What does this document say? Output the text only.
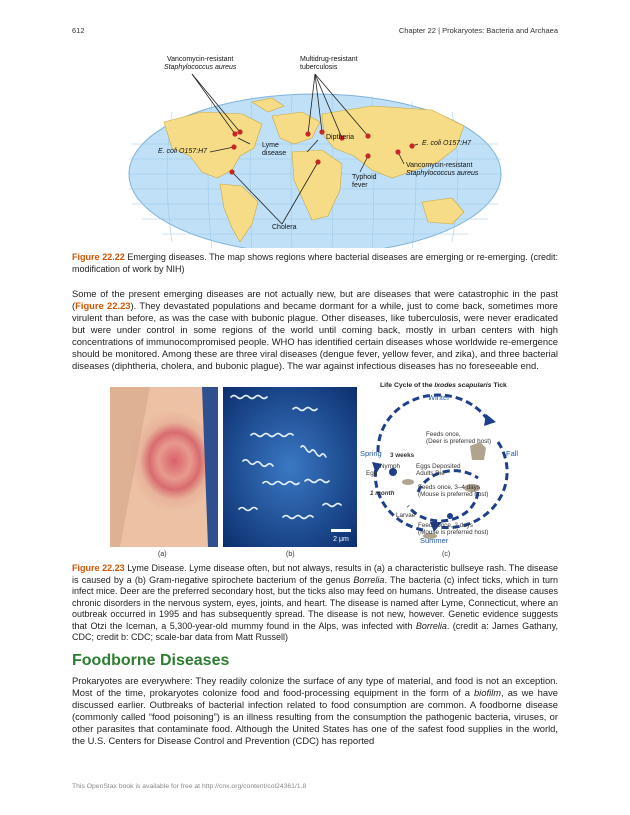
612	Chapter 22 | Prokaryotes: Bacteria and Archaea
Vancomycin-resistant
Staphylococcus aureus
Multidrug-resistant
tuberculosis
E. coli O157:H7
Lyme
disease
Diptheria
E. coli O157:H7
Vancomycin-resistant
Staphylococcus aureus
Typhoid
fever
Cholera
Figure 22.22 Emerging diseases. The map shows regions where bacterial diseases are emerging or re-emerging. (credit: modification of work by NIH)
Some of the present emerging diseases are not actually new, but are diseases that were catastrophic in the past (Figure 22.23). They devastated populations and became dormant for a while, just to come back, sometimes more virulent than before, as was the case with bubonic plague. Other diseases, like tuberculosis, were never eradicated but were under control in some regions of the world until coming back, mostly in urban centers with high concentrations of immunocompromised people. WHO has identified certain diseases whose worldwide re-emergence should be monitored. Among these are three viral diseases (dengue fever, yellow fever, and zika), and three bacterial diseases (diphtheria, cholera, and bubonic plague). The war against infectious diseases has no foreseeable end.
2 μm
Life Cycle of the Ixodes scapularis Tick
Winter
Spring	Fall
Summer
Feeds once,
(Deer is preferred host)
3 weeks
Nymph
Egg
Eggs Deposited
Adults Die
Feeds once, 3–4 days
(Mouse is preferred host)
1 month
Larvae
Feeds once, 2 days
(Mouse is preferred host)
(a)	(b)	(c)
Figure 22.23 Lyme Disease. Lyme disease often, but not always, results in (a) a characteristic bullseye rash. The disease is caused by a (b) Gram-negative spirochete bacterium of the genus Borrelia. The bacteria (c) infect ticks, which in turn infect mice. Deer are the preferred secondary host, but the ticks also may feed on humans. Untreated, the disease causes chronic disorders in the nervous system, eyes, joints, and heart. The disease is named after Lyme, Connecticut, where an outbreak occurred in 1995 and has subsequently spread. The disease is not new, however. Genetic evidence suggests that Otzi the Iceman, a 5,300-year-old mummy found in the Alps, was infected with Borrelia. (credit a: James Gathany, CDC; credit b: CDC; scale-bar data from Matt Russell)
Foodborne Diseases
Prokaryotes are everywhere: They readily colonize the surface of any type of material, and food is not an exception. Most of the time, prokaryotes colonize food and food-processing equipment in the form of a biofilm, as we have discussed earlier. Outbreaks of bacterial infection related to food consumption are common. A foodborne disease (commonly called “food poisoning”) is an illness resulting from the consumption the pathogenic bacteria, viruses, or other parasites that contaminate food. Although the United States has one of the safest food supplies in the world, the U.S. Centers for Disease Control and Prevention (CDC) has reported
This OpenStax book is available for free at http://cnx.org/content/col24361/1.8
